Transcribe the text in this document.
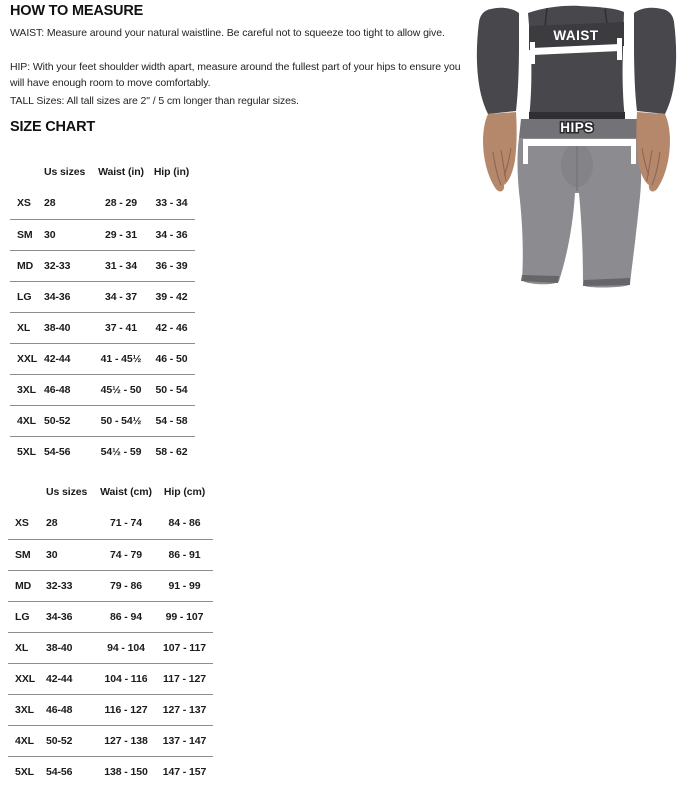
HOW TO MEASURE

WAIST: Measure around your natural waistline. Be careful not to squeeze too tight to allow give.

HIP: With your feet shoulder width apart, measure around the fullest part of your hips to ensure you will have enough room to move comfortably.

TALL Sizes: All tall sizes are 2" / 5 cm longer than regular sizes.

SIZE CHART
	Us sizes	Waist (in)	Hip (in)
XS	28	28 - 29	33 - 34
SM	30	29 - 31	34 - 36
MD	32-33	31 - 34	36 - 39
LG	34-36	34 - 37	39 - 42
XL	38-40	37 - 41	42 - 46
XXL	42-44	41 - 45½	46 - 50
3XL	46-48	45½ - 50	50 - 54
4XL	50-52	50 - 54½	54 - 58
5XL	54-56	54½ - 59	58 - 62
	Us sizes	Waist (cm)	Hip (cm)
XS	28	71 - 74	84 - 86
SM	30	74 - 79	86 - 91
MD	32-33	79 - 86	91 - 99
LG	34-36	86 - 94	99 - 107
XL	38-40	94 - 104	107 - 117
XXL	42-44	104 - 116	117 - 127
3XL	46-48	116 - 127	127 - 137
4XL	50-52	127 - 138	137 - 147
5XL	54-56	138 - 150	147 - 157
WAIST
HIPS
